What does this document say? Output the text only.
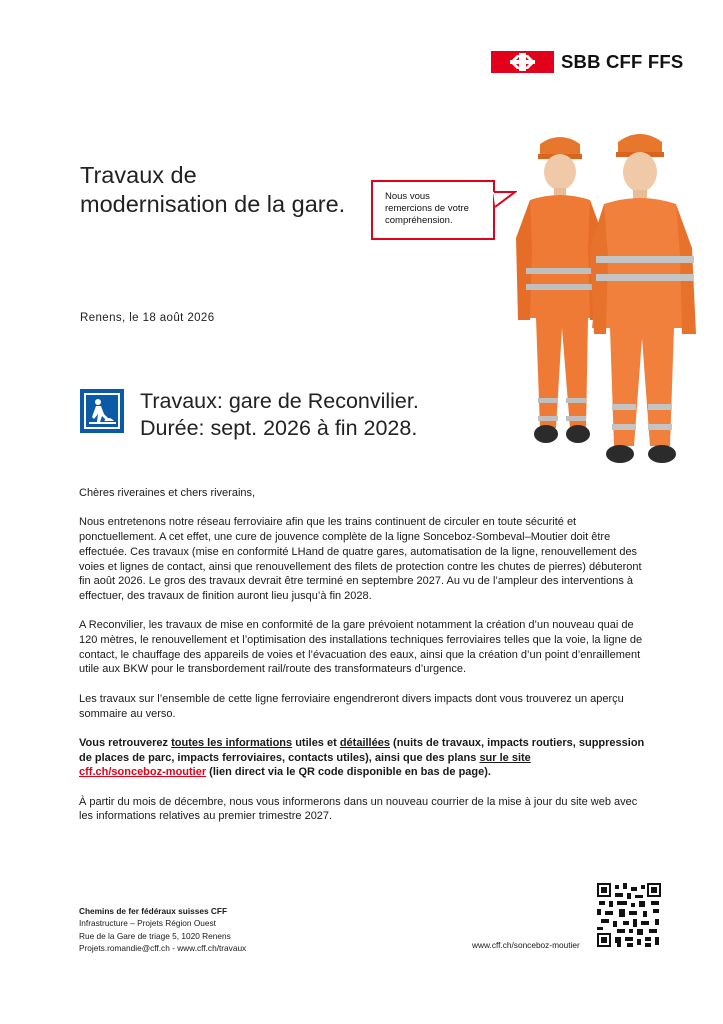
SBB CFF FFS
Travaux de
modernisation de la gare.	Nous vous
remercions de votre
compréhension.
Renens, le 18 août 2026
Travaux: gare de Reconvilier.
Durée: sept. 2026 à fin 2028.

Chères riveraines et chers riverains,

Nous entretenons notre réseau ferroviaire afin que les trains continuent de circuler en toute sécurité et ponctuellement. A cet effet, une cure de jouvence complète de la ligne Sonceboz-Sombeval–Moutier doit être effectuée. Ces travaux (mise en conformité LHand de quatre gares, automatisation de la ligne, renouvellement des voies et lignes de contact, ainsi que renouvellement des filets de protection contre les chutes de pierres) débuteront fin août 2026. Le gros des travaux devrait être terminé en septembre 2027. Au vu de l’ampleur des interventions à effectuer, des travaux de finition auront lieu jusqu’à fin 2028.

A Reconvilier, les travaux de mise en conformité de la gare prévoient notamment la création d’un nouveau quai de 120 mètres, le renouvellement et l’optimisation des installations techniques ferroviaires telles que la voie, la ligne de contact, le chauffage des appareils de voies et l’évacuation des eaux, ainsi que la création d’un point d’enraillement utile aux BKW pour le transbordement rail/route des transformateurs d’urgence.

Les travaux sur l’ensemble de cette ligne ferroviaire engendreront divers impacts dont vous trouverez un aperçu sommaire au verso.

Vous retrouverez toutes les informations utiles et détaillées (nuits de travaux, impacts routiers, suppression de places de parc, impacts ferroviaires, contacts utiles), ainsi que des plans sur le site
cff.ch/sonceboz-moutier (lien direct via le QR code disponible en bas de page).

À partir du mois de décembre, nous vous informerons dans un nouveau courrier de la mise à jour du site web avec les informations relatives au premier trimestre 2027.

Chemins de fer fédéraux suisses CFF
Infrastructure – Projets Région Ouest
Rue de la Gare de triage 5, 1020 Renens
Projets.romandie@cff.ch - www.cff.ch/travaux	www.cff.ch/sonceboz-moutier
